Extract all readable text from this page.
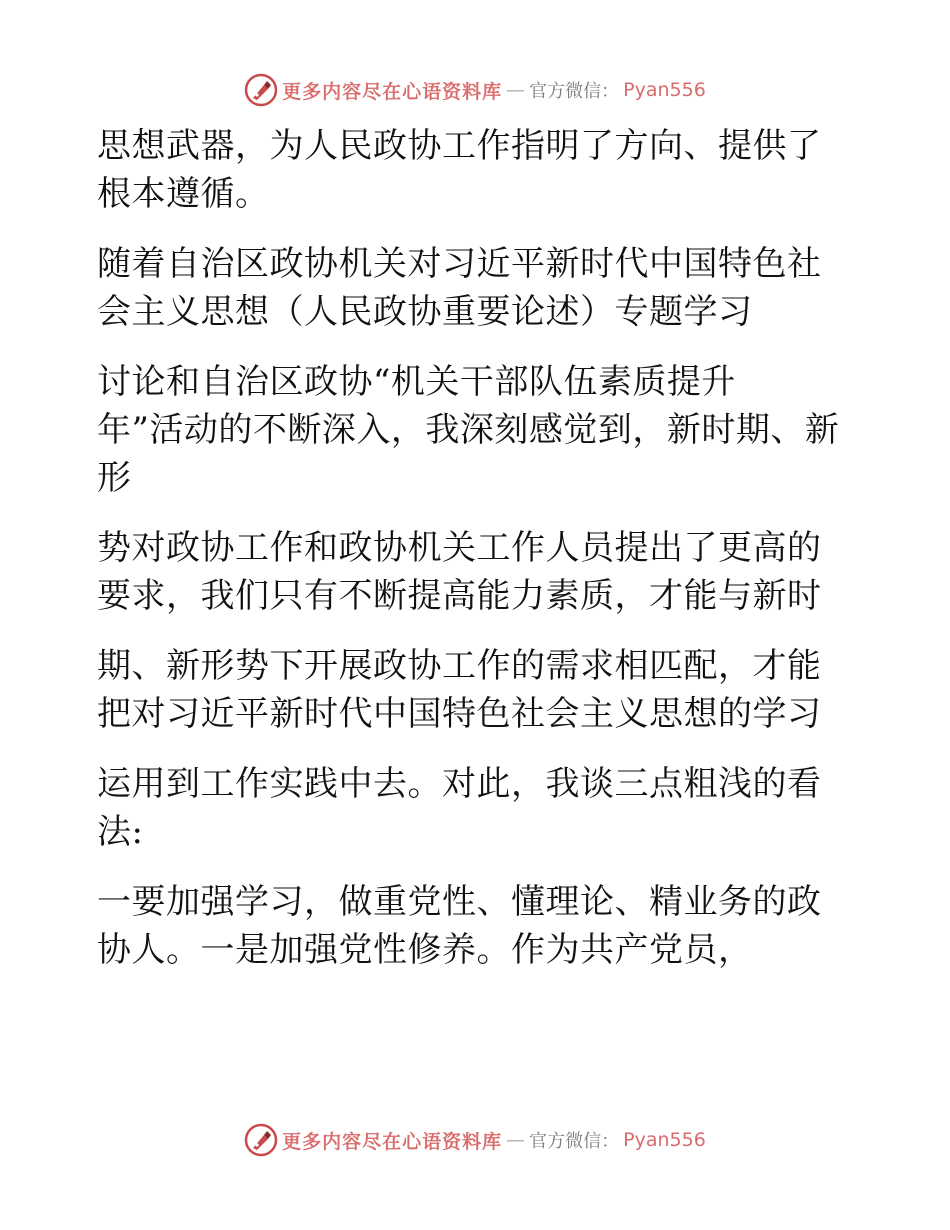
更多内容尽在心语资料库 — 官方微信： Pyan556
思想武器，为人民政协工作指明了方向、提供了
根本遵循。
随着自治区政协机关对习近平新时代中国特色社
会主义思想（人民政协重要论述）专题学习
讨论和自治区政协“机关干部队伍素质提升
年”活动的不断深入，我深刻感觉到，新时期、新
形
势对政协工作和政协机关工作人员提出了更高的
要求，我们只有不断提高能力素质，才能与新时
期、新形势下开展政协工作的需求相匹配，才能
把对习近平新时代中国特色社会主义思想的学习
运用到工作实践中去。对此，我谈三点粗浅的看
法:
一要加强学习，做重党性、懂理论、精业务的政
协人。一是加强党性修养。作为共产党员，
更多内容尽在心语资料库 — 官方微信： Pyan556
